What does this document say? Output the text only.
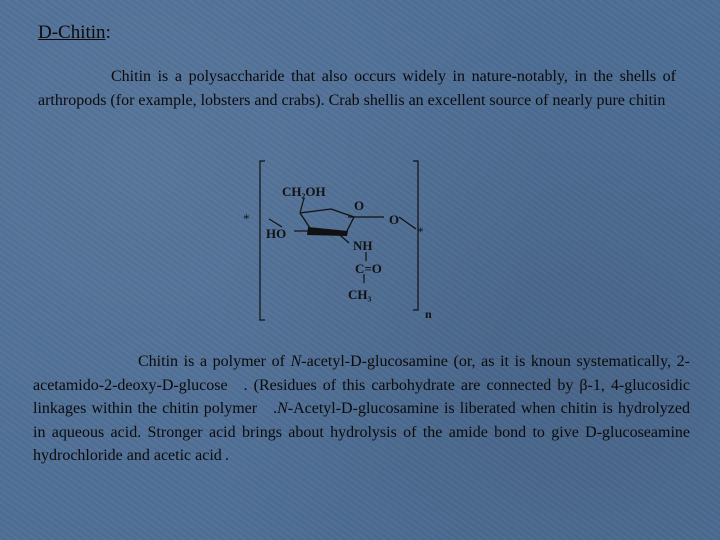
D-Chitin:

Chitin is a polysaccharide that also occurs widely in nature-notably, in the shells of arthropods (for example, lobsters and crabs). Crab shellis an excellent source of nearly pure chitin

CH₂OH
O
O
HO
NH
C=O
CH₃
*
*
n

Chitin is a polymer of N-acetyl-D-glucosamine (or, as it is knoun systematically, 2-acetamido-2-deoxy-D-glucose . (Residues of this carbohydrate are connected by β-1, 4-glucosidic linkages within the chitin polymer .N-Acetyl-D-glucosamine is liberated when chitin is hydrolyzed in aqueous acid. Stronger acid brings about hydrolysis of the amide bond to give D-glucoseamine hydrochloride and acetic acid .
